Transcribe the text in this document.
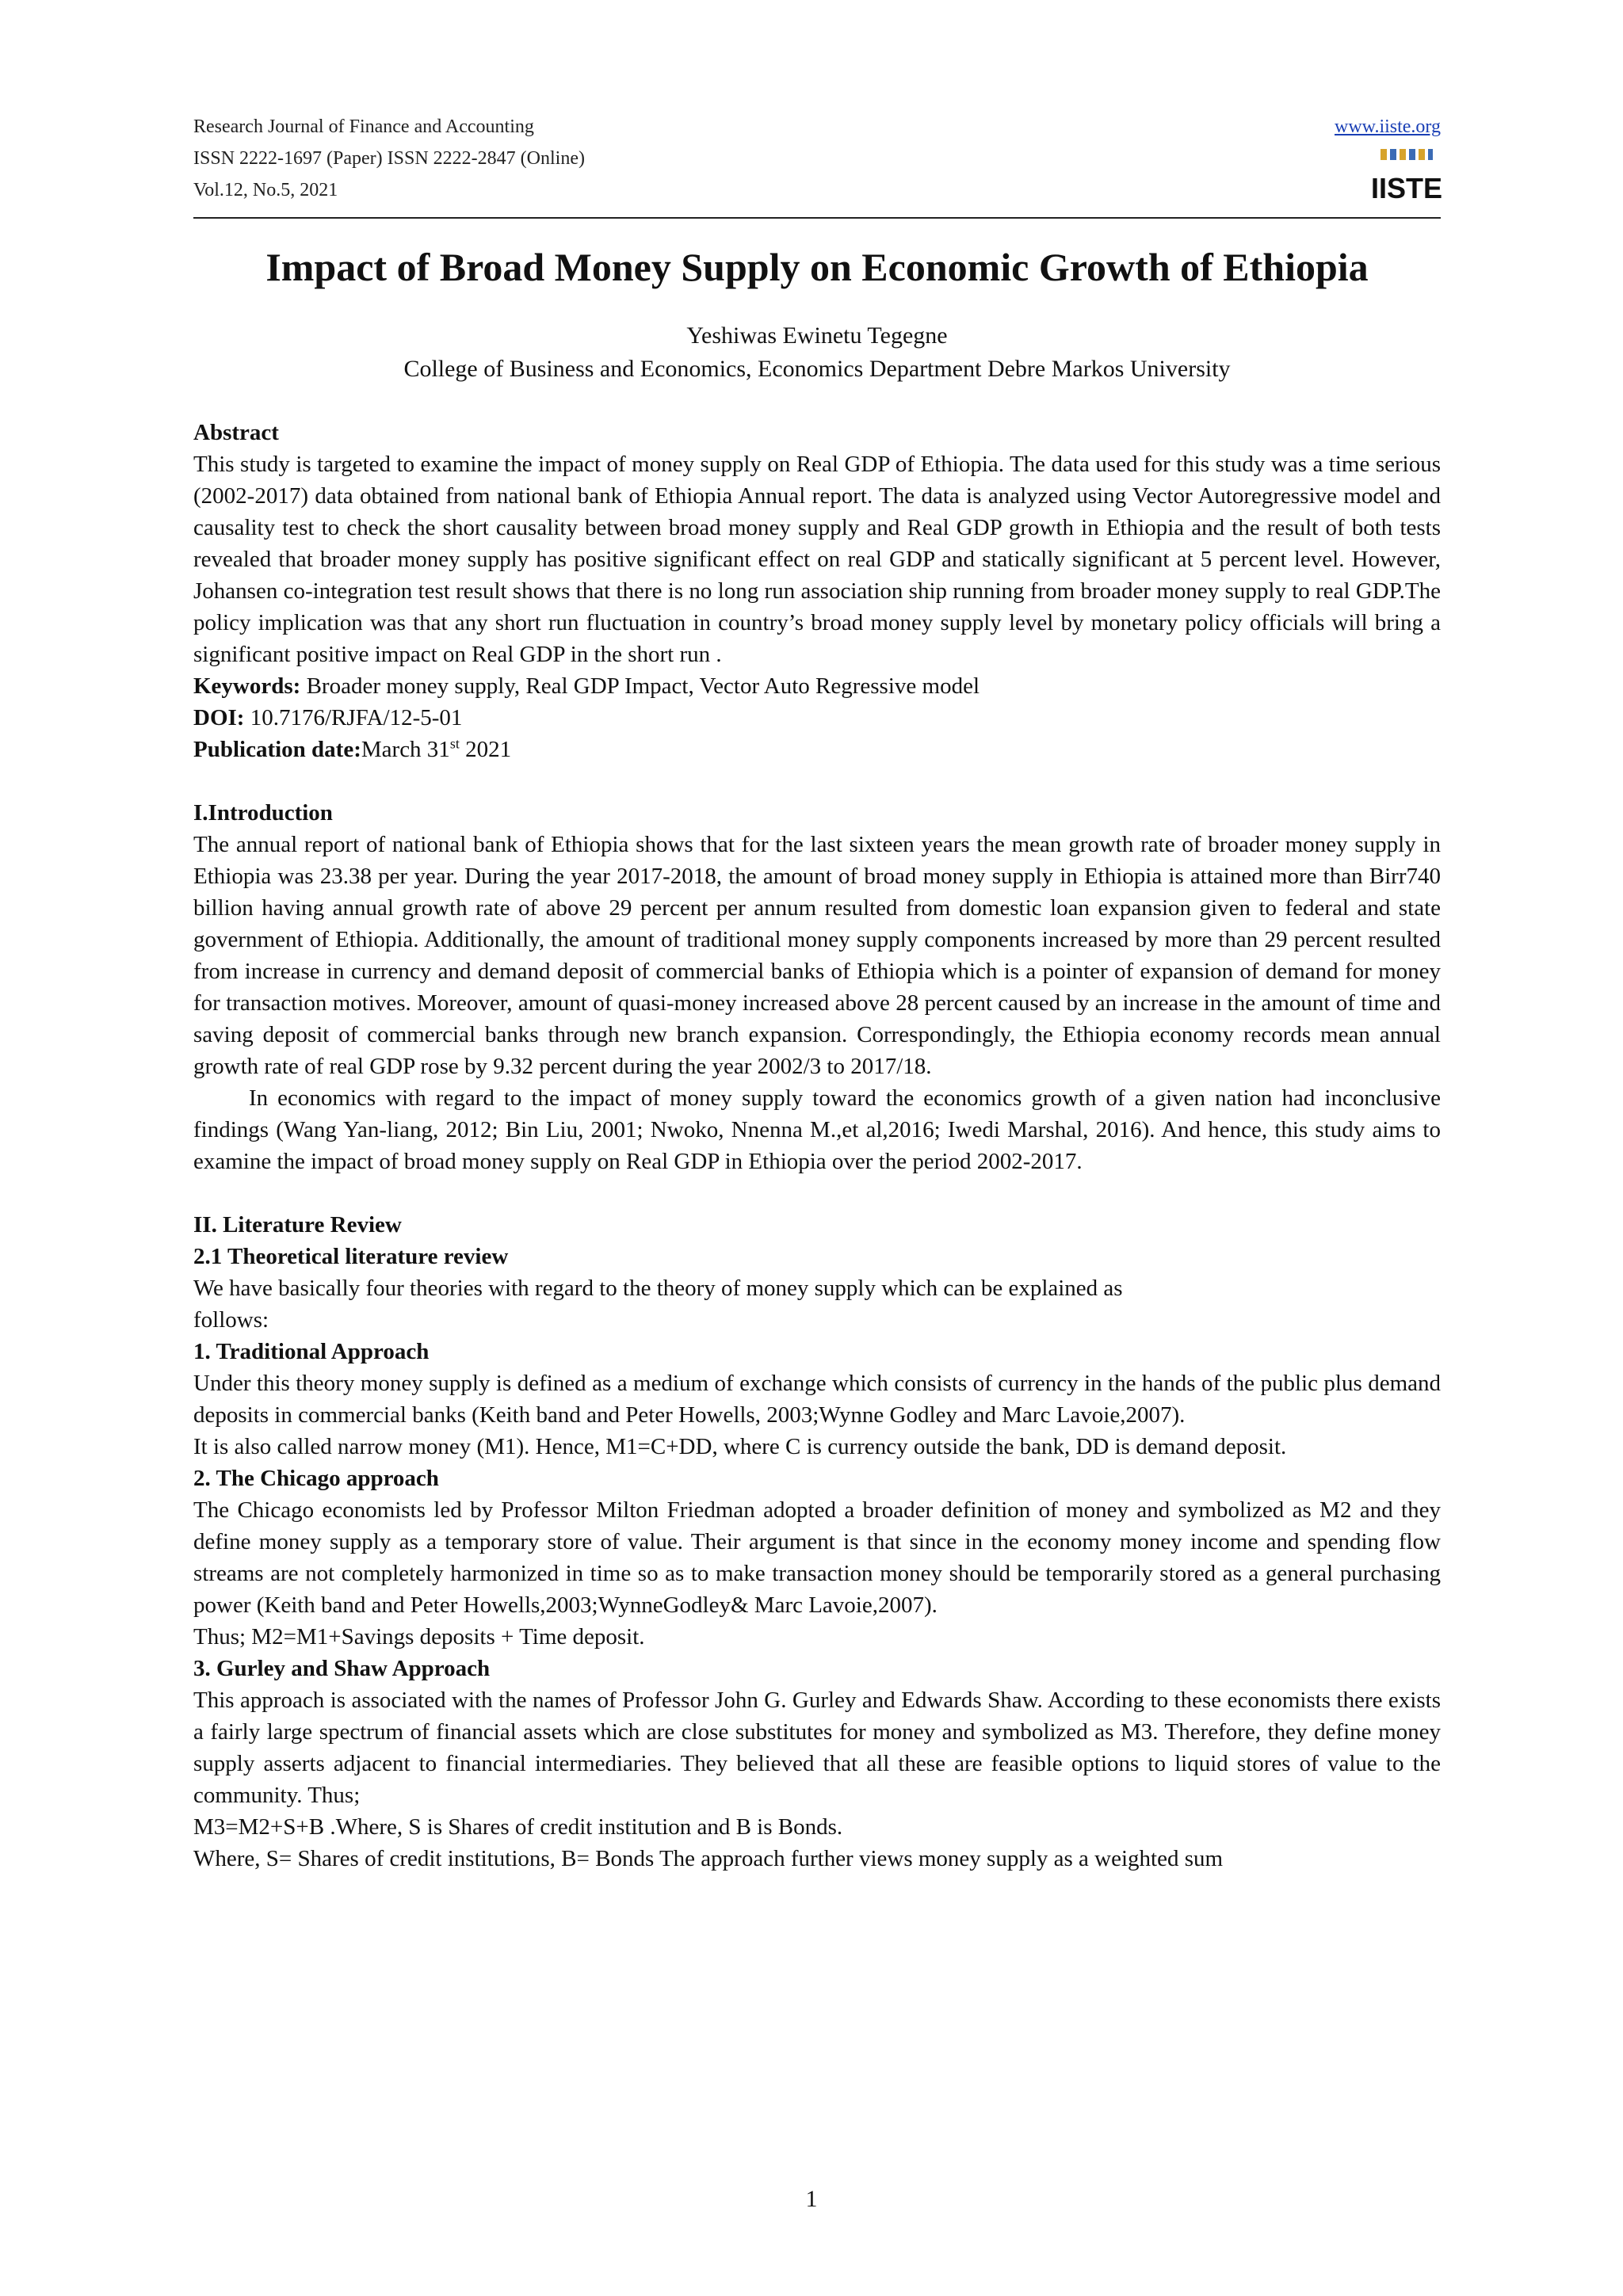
Research Journal of Finance and Accounting
ISSN 2222-1697 (Paper) ISSN 2222-2847 (Online)
Vol.12, No.5, 2021
www.iiste.org
IISTE
Impact of Broad Money Supply on Economic Growth of Ethiopia
Yeshiwas Ewinetu Tegegne
College of Business and Economics, Economics Department Debre Markos University

Abstract

This study is targeted to examine the impact of money supply on Real GDP of Ethiopia. The data used for this study was a time serious (2002-2017) data obtained from national bank of Ethiopia Annual report. The data is analyzed using Vector Autoregressive model and causality test to check the short causality between broad money supply and Real GDP growth in Ethiopia and the result of both tests revealed that broader money supply has positive significant effect on real GDP and statically significant at 5 percent level. However, Johansen co-integration test result shows that there is no long run association ship running from broader money supply to real GDP.The policy implication was that any short run fluctuation in country’s broad money supply level by monetary policy officials will bring a significant positive impact on Real GDP in the short run .

Keywords: Broader money supply, Real GDP Impact, Vector Auto Regressive model

DOI: 10.7176/RJFA/12-5-01

Publication date:March 31st 2021

I.Introduction

The annual report of national bank of Ethiopia shows that for the last sixteen years the mean growth rate of broader money supply in Ethiopia was 23.38 per year. During the year 2017-2018, the amount of broad money supply in Ethiopia is attained more than Birr740 billion having annual growth rate of above 29 percent per annum resulted from domestic loan expansion given to federal and state government of Ethiopia. Additionally, the amount of traditional money supply components increased by more than 29 percent resulted from increase in currency and demand deposit of commercial banks of Ethiopia which is a pointer of expansion of demand for money for transaction motives. Moreover, amount of quasi-money increased above 28 percent caused by an increase in the amount of time and saving deposit of commercial banks through new branch expansion. Correspondingly, the Ethiopia economy records mean annual growth rate of real GDP rose by 9.32 percent during the year 2002/3 to 2017/18.

In economics with regard to the impact of money supply toward the economics growth of a given nation had inconclusive findings (Wang Yan-liang, 2012; Bin Liu, 2001; Nwoko, Nnenna M.,et al,2016; Iwedi Marshal, 2016). And hence, this study aims to examine the impact of broad money supply on Real GDP in Ethiopia over the period 2002-2017.

II. Literature Review

2.1 Theoretical literature review

We have basically four theories with regard to the theory of money supply which can be explained as

follows:

1. Traditional Approach

Under this theory money supply is defined as a medium of exchange which consists of currency in the hands of the public plus demand deposits in commercial banks (Keith band and Peter Howells, 2003;Wynne Godley and Marc Lavoie,2007).

It is also called narrow money (M1). Hence, M1=C+DD, where C is currency outside the bank, DD is demand deposit.

2. The Chicago approach

The Chicago economists led by Professor Milton Friedman adopted a broader definition of money and symbolized as M2 and they define money supply as a temporary store of value. Their argument is that since in the economy money income and spending flow streams are not completely harmonized in time so as to make transaction money should be temporarily stored as a general purchasing power (Keith band and Peter Howells,2003;WynneGodley& Marc Lavoie,2007).

Thus; M2=M1+Savings deposits + Time deposit.

3. Gurley and Shaw Approach

This approach is associated with the names of Professor John G. Gurley and Edwards Shaw. According to these economists there exists a fairly large spectrum of financial assets which are close substitutes for money and symbolized as M3. Therefore, they define money supply asserts adjacent to financial intermediaries. They believed that all these are feasible options to liquid stores of value to the community. Thus;

M3=M2+S+B .Where, S is Shares of credit institution and B is Bonds.

Where, S= Shares of credit institutions, B= Bonds The approach further views money supply as a weighted sum

1
